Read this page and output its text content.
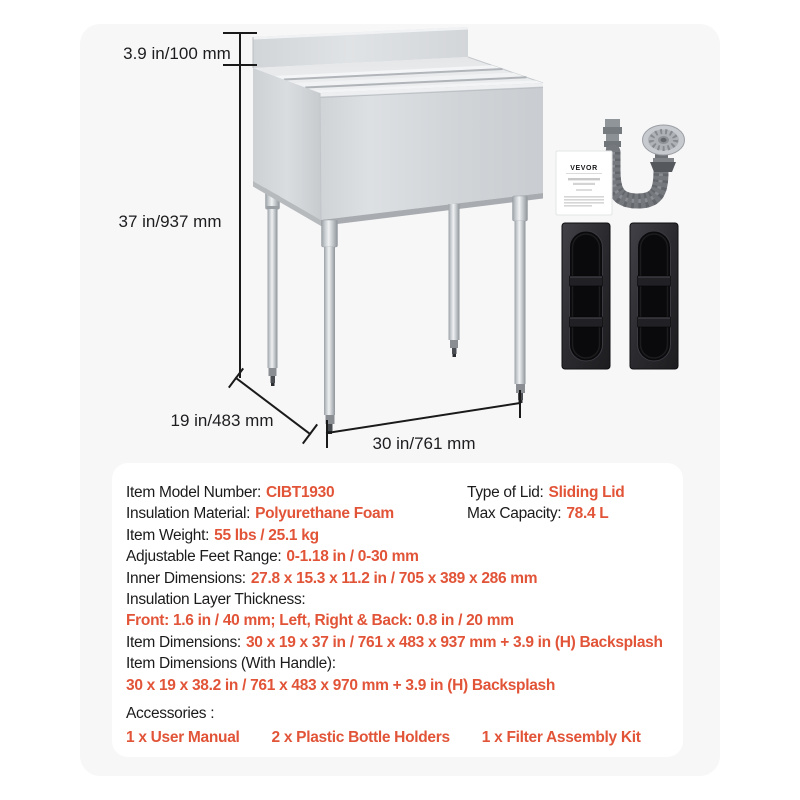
3.9 in/100 mm
37 in/937 mm
19 in/483 mm
30 in/761 mm
VEVOR
Item Model Number: CIBT1930
Insulation Material: Polyurethane Foam
Item Weight: 55 lbs / 25.1 kg
Adjustable Feet Range: 0-1.18 in / 0-30 mm
Inner Dimensions: 27.8 x 15.3 x 11.2 in / 705 x 389 x 286 mm
Insulation Layer Thickness:
Front: 1.6 in / 40 mm; Left, Right & Back: 0.8 in / 20 mm
Item Dimensions: 30 x 19 x 37 in / 761 x 483 x 937 mm + 3.9 in (H) Backsplash
Item Dimensions (With Handle):
30 x 19 x 38.2 in / 761 x 483 x 970 mm + 3.9 in (H) Backsplash
Type of Lid: Sliding Lid
Max Capacity: 78.4 L
Accessories :
1 x User Manual 2 x Plastic Bottle Holders 1 x Filter Assembly Kit
